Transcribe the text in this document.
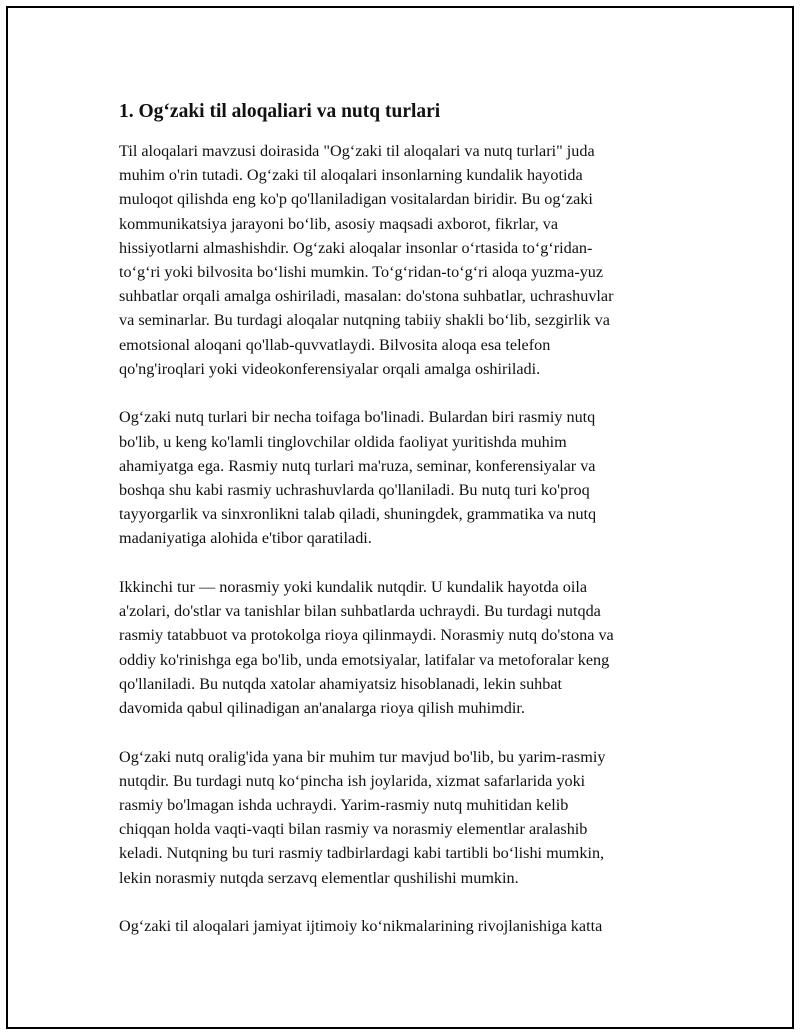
1. Og‘zaki til aloqaliari va nutq turlari
Til aloqalari mavzusi doirasida "Og‘zaki til aloqalari va nutq turlari" juda
muhim o'rin tutadi. Og‘zaki til aloqalari insonlarning kundalik hayotida
muloqot qilishda eng ko'p qo'llaniladigan vositalardan biridir. Bu og‘zaki
kommunikatsiya jarayoni bo‘lib, asosiy maqsadi axborot, fikrlar, va
hissiyotlarni almashishdir. Og‘zaki aloqalar insonlar o‘rtasida to‘g‘ridan-
to‘g‘ri yoki bilvosita bo‘lishi mumkin. To‘g‘ridan-to‘g‘ri aloqa yuzma-yuz
suhbatlar orqali amalga oshiriladi, masalan: do'stona suhbatlar, uchrashuvlar
va seminarlar. Bu turdagi aloqalar nutqning tabiiy shakli bo‘lib, sezgirlik va
emotsional aloqani qo'llab-quvvatlaydi. Bilvosita aloqa esa telefon
qo'ng'iroqlari yoki videokonferensiyalar orqali amalga oshiriladi.
Og‘zaki nutq turlari bir necha toifaga bo'linadi. Bulardan biri rasmiy nutq
bo'lib, u keng ko'lamli tinglovchilar oldida faoliyat yuritishda muhim
ahamiyatga ega. Rasmiy nutq turlari ma'ruza, seminar, konferensiyalar va
boshqa shu kabi rasmiy uchrashuvlarda qo'llaniladi. Bu nutq turi ko'proq
tayyorgarlik va sinxronlikni talab qiladi, shuningdek, grammatika va nutq
madaniyatiga alohida e'tibor qaratiladi.
Ikkinchi tur — norasmiy yoki kundalik nutqdir. U kundalik hayotda oila
a'zolari, do'stlar va tanishlar bilan suhbatlarda uchraydi. Bu turdagi nutqda
rasmiy tatabbuot va protokolga rioya qilinmaydi. Norasmiy nutq do'stona va
oddiy ko'rinishga ega bo'lib, unda emotsiyalar, latifalar va metoforalar keng
qo'llaniladi. Bu nutqda xatolar ahamiyatsiz hisoblanadi, lekin suhbat
davomida qabul qilinadigan an'analarga rioya qilish muhimdir.
Og‘zaki nutq oralig'ida yana bir muhim tur mavjud bo'lib, bu yarim-rasmiy
nutqdir. Bu turdagi nutq ko‘pincha ish joylarida, xizmat safarlarida yoki
rasmiy bo'lmagan ishda uchraydi. Yarim-rasmiy nutq muhitidan kelib
chiqqan holda vaqti-vaqti bilan rasmiy va norasmiy elementlar aralashib
keladi. Nutqning bu turi rasmiy tadbirlardagi kabi tartibli bo‘lishi mumkin,
lekin norasmiy nutqda serzavq elementlar qushilishi mumkin.
Og‘zaki til aloqalari jamiyat ijtimoiy ko‘nikmalarining rivojlanishiga katta
